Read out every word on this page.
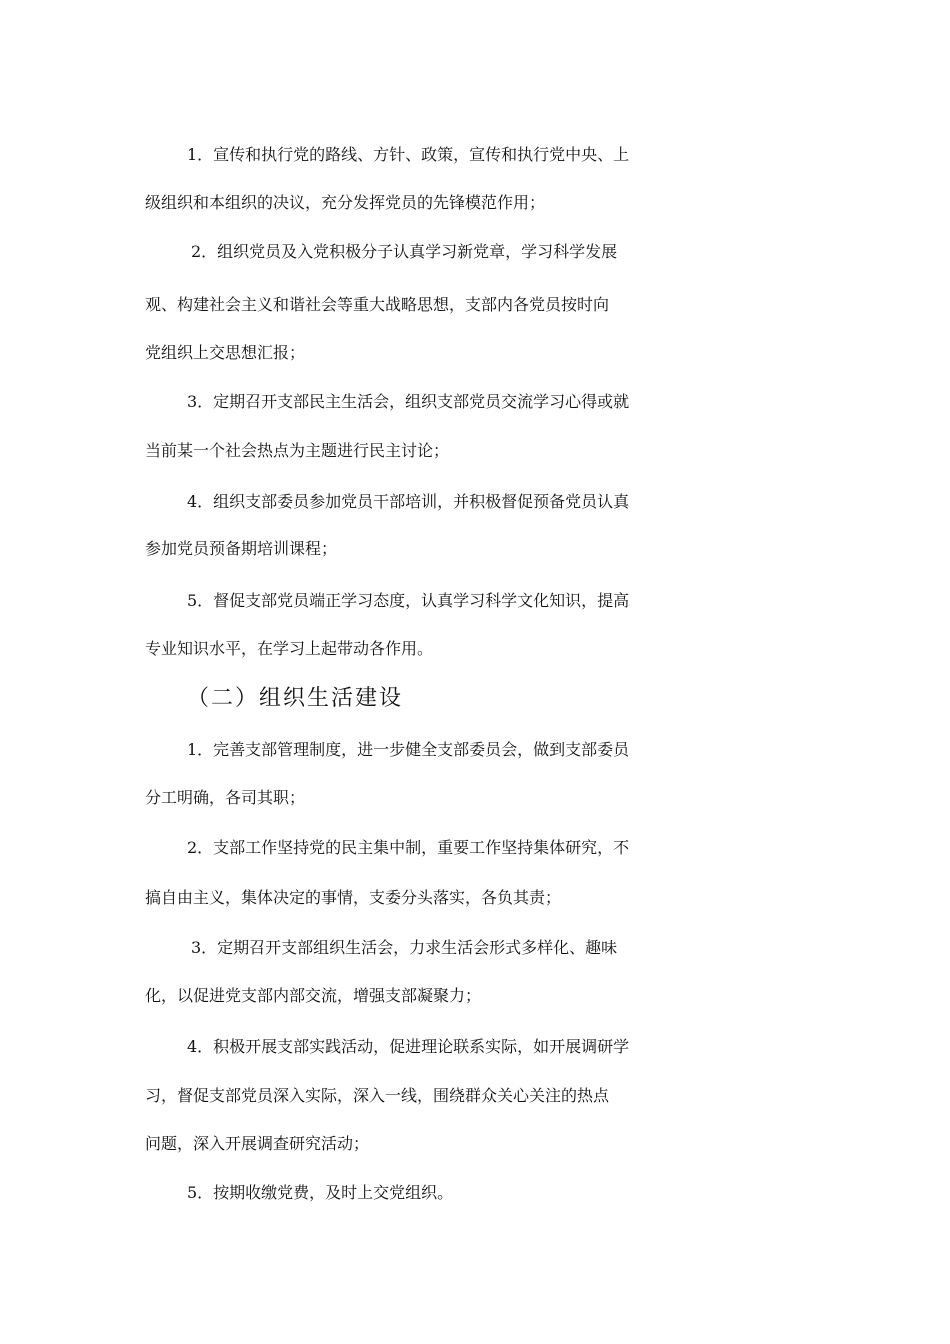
1．宣传和执行党的路线、方针、政策，宣传和执行党中央、上
级组织和本组织的决议，充分发挥党员的先锋模范作用；
2．组织党员及入党积极分子认真学习新党章，学习科学发展
观、构建社会主义和谐社会等重大战略思想，支部内各党员按时向
党组织上交思想汇报；
3．定期召开支部民主生活会，组织支部党员交流学习心得或就
当前某一个社会热点为主题进行民主讨论；
4．组织支部委员参加党员干部培训，并积极督促预备党员认真
参加党员预备期培训课程；
5．督促支部党员端正学习态度，认真学习科学文化知识，提高
专业知识水平，在学习上起带动各作用。
（二）组织生活建设
1．完善支部管理制度，进一步健全支部委员会，做到支部委员
分工明确，各司其职；
2．支部工作坚持党的民主集中制，重要工作坚持集体研究，不
搞自由主义，集体决定的事情，支委分头落实，各负其责；
3．定期召开支部组织生活会，力求生活会形式多样化、趣味
化，以促进党支部内部交流，增强支部凝聚力；
4．积极开展支部实践活动，促进理论联系实际，如开展调研学
习，督促支部党员深入实际，深入一线，围绕群众关心关注的热点
问题，深入开展调查研究活动；
5．按期收缴党费，及时上交党组织。
